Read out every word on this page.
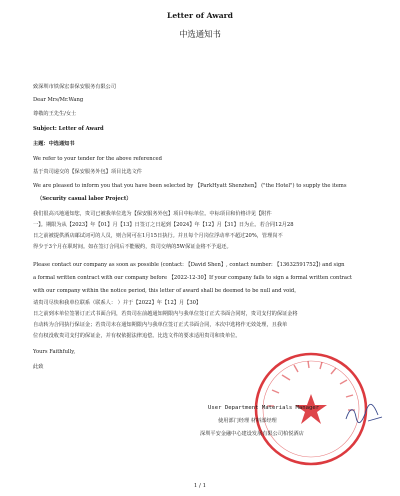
Letter of Award
中选通知书
致深圳市铁保宏泰保安服务有限公司
Dear Mrs/Mr.Wang
尊敬的王先生/女士
Subject: Letter of Award
主题：中选通知书
We refer to your tender for the above referenced
基于贵司递交的【保安服务外包】项目比选文件
We are pleased to inform you that you have been selected by 【ParkHyatt Shenzhen】 ("the Hotel") to supply the items
（Security casual labor Project）
我们很高兴地通知您，贵司已被我单位选为【保安服务外包】项目中标单位。中标项目和价格详见【附件
一】。期限为从【2023】年【01】月【13】日签订之日起到【2024】年【12】月【31】日为止。若合同12月28
日之前被提供酒店邮试词可的人员，则合同可在1月15日执行。并且每个月岗位浮动率不超过20%，管理岗不
得少于3个月在职时间。如在签订合同后不能履约，贵司交纳的5W保证金将不予退还。
Please contact our company as soon as possible (contact: 【David Shen】, contact number: 【13632591752】) and sign
a formal written contract with our company before 【2022-12-30】If your company fails to sign a formal written contract
with our company within the notice period, this letter of award shall be deemed to be null and void。
请贵司尽快和我单位联系（联系人： ）并于【2022】年【12】月【30】
日之前到本单位签署订正式书面合同，若贵司在前越通知期限内与我单位签订正式书面合同时，贵司支付的保证金将
自动转为合同执行保证金；若贵司未在通知期限内与我单位签订正式书面合同，本次中选将作无效处理，且我单
位有权没收贵司支付的保证金，并有权依据法律追偿。比选文件的要求适用贵司和贵单位。
Yours Faithfully,
此致
User Department Materials Manager
使用部门经理 材料部经理
深圳平安金融中心建设发展有限公司柏悦酒店
1 / 1
